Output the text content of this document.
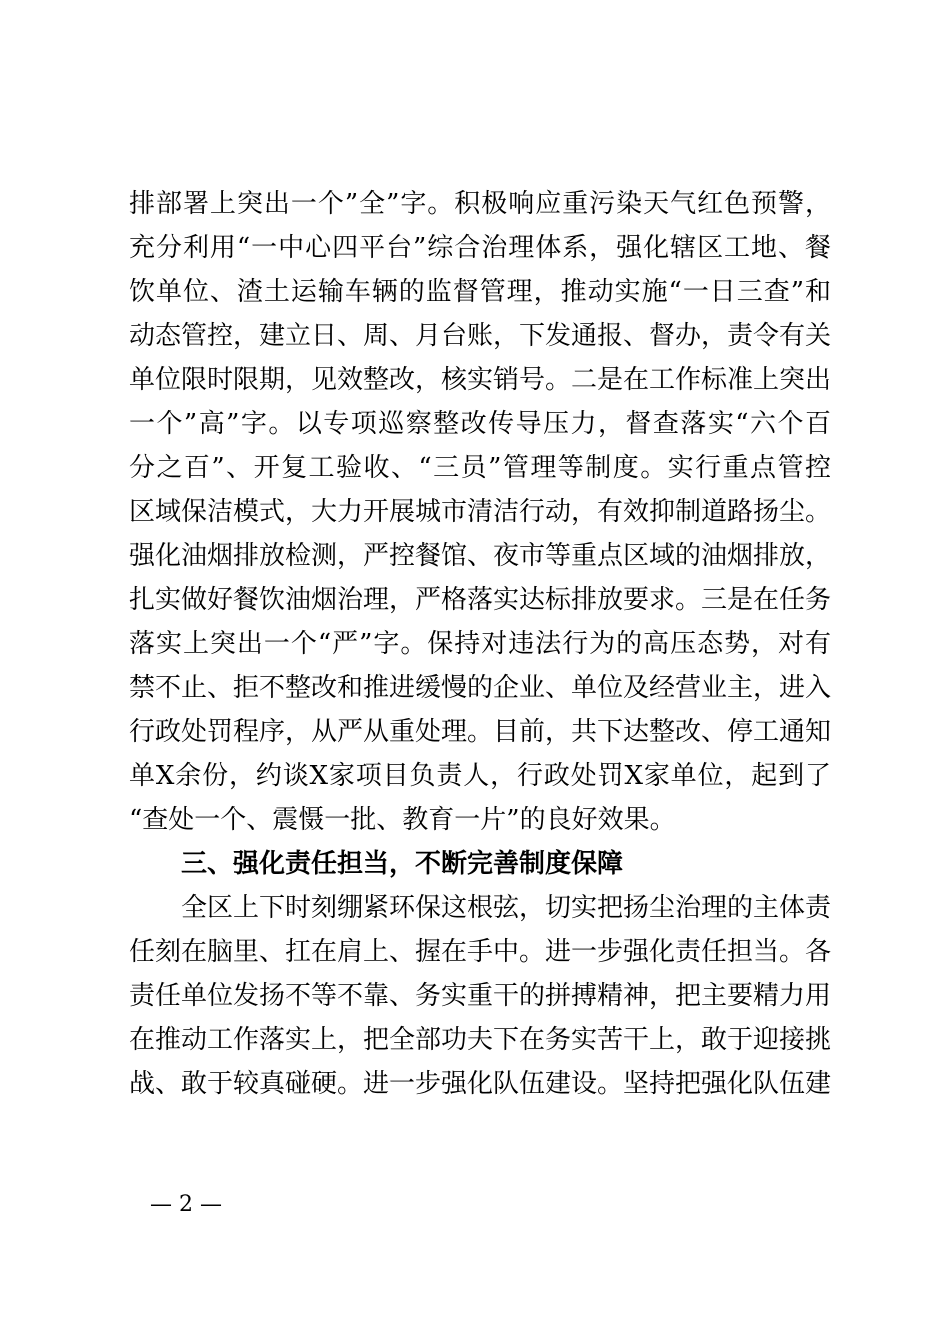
排部署上突出一个”全”字。积极响应重污染天气红色预警，
充分利用“一中心四平台”综合治理体系，强化辖区工地、餐
饮单位、渣土运输车辆的监督管理，推动实施“一日三查”和
动态管控，建立日、周、月台账，下发通报、督办，责令有关
单位限时限期，见效整改，核实销号。二是在工作标准上突出
一个”高”字。以专项巡察整改传导压力，督查落实“六个百
分之百”、开复工验收、“三员”管理等制度。实行重点管控
区域保洁模式，大力开展城市清洁行动，有效抑制道路扬尘。
强化油烟排放检测，严控餐馆、夜市等重点区域的油烟排放，
扎实做好餐饮油烟治理，严格落实达标排放要求。三是在任务
落实上突出一个“严”字。保持对违法行为的高压态势，对有
禁不止、拒不整改和推进缓慢的企业、单位及经营业主，进入
行政处罚程序，从严从重处理。目前，共下达整改、停工通知
单X余份，约谈X家项目负责人，行政处罚X家单位，起到了
“查处一个、震慑一批、教育一片”的良好效果。
三、强化责任担当，不断完善制度保障
全区上下时刻绷紧环保这根弦，切实把扬尘治理的主体责
任刻在脑里、扛在肩上、握在手中。进一步强化责任担当。各
责任单位发扬不等不靠、务实重干的拼搏精神，把主要精力用
在推动工作落实上，把全部功夫下在务实苦干上，敢于迎接挑
战、敢于较真碰硬。进一步强化队伍建设。坚持把强化队伍建
— 2 —
